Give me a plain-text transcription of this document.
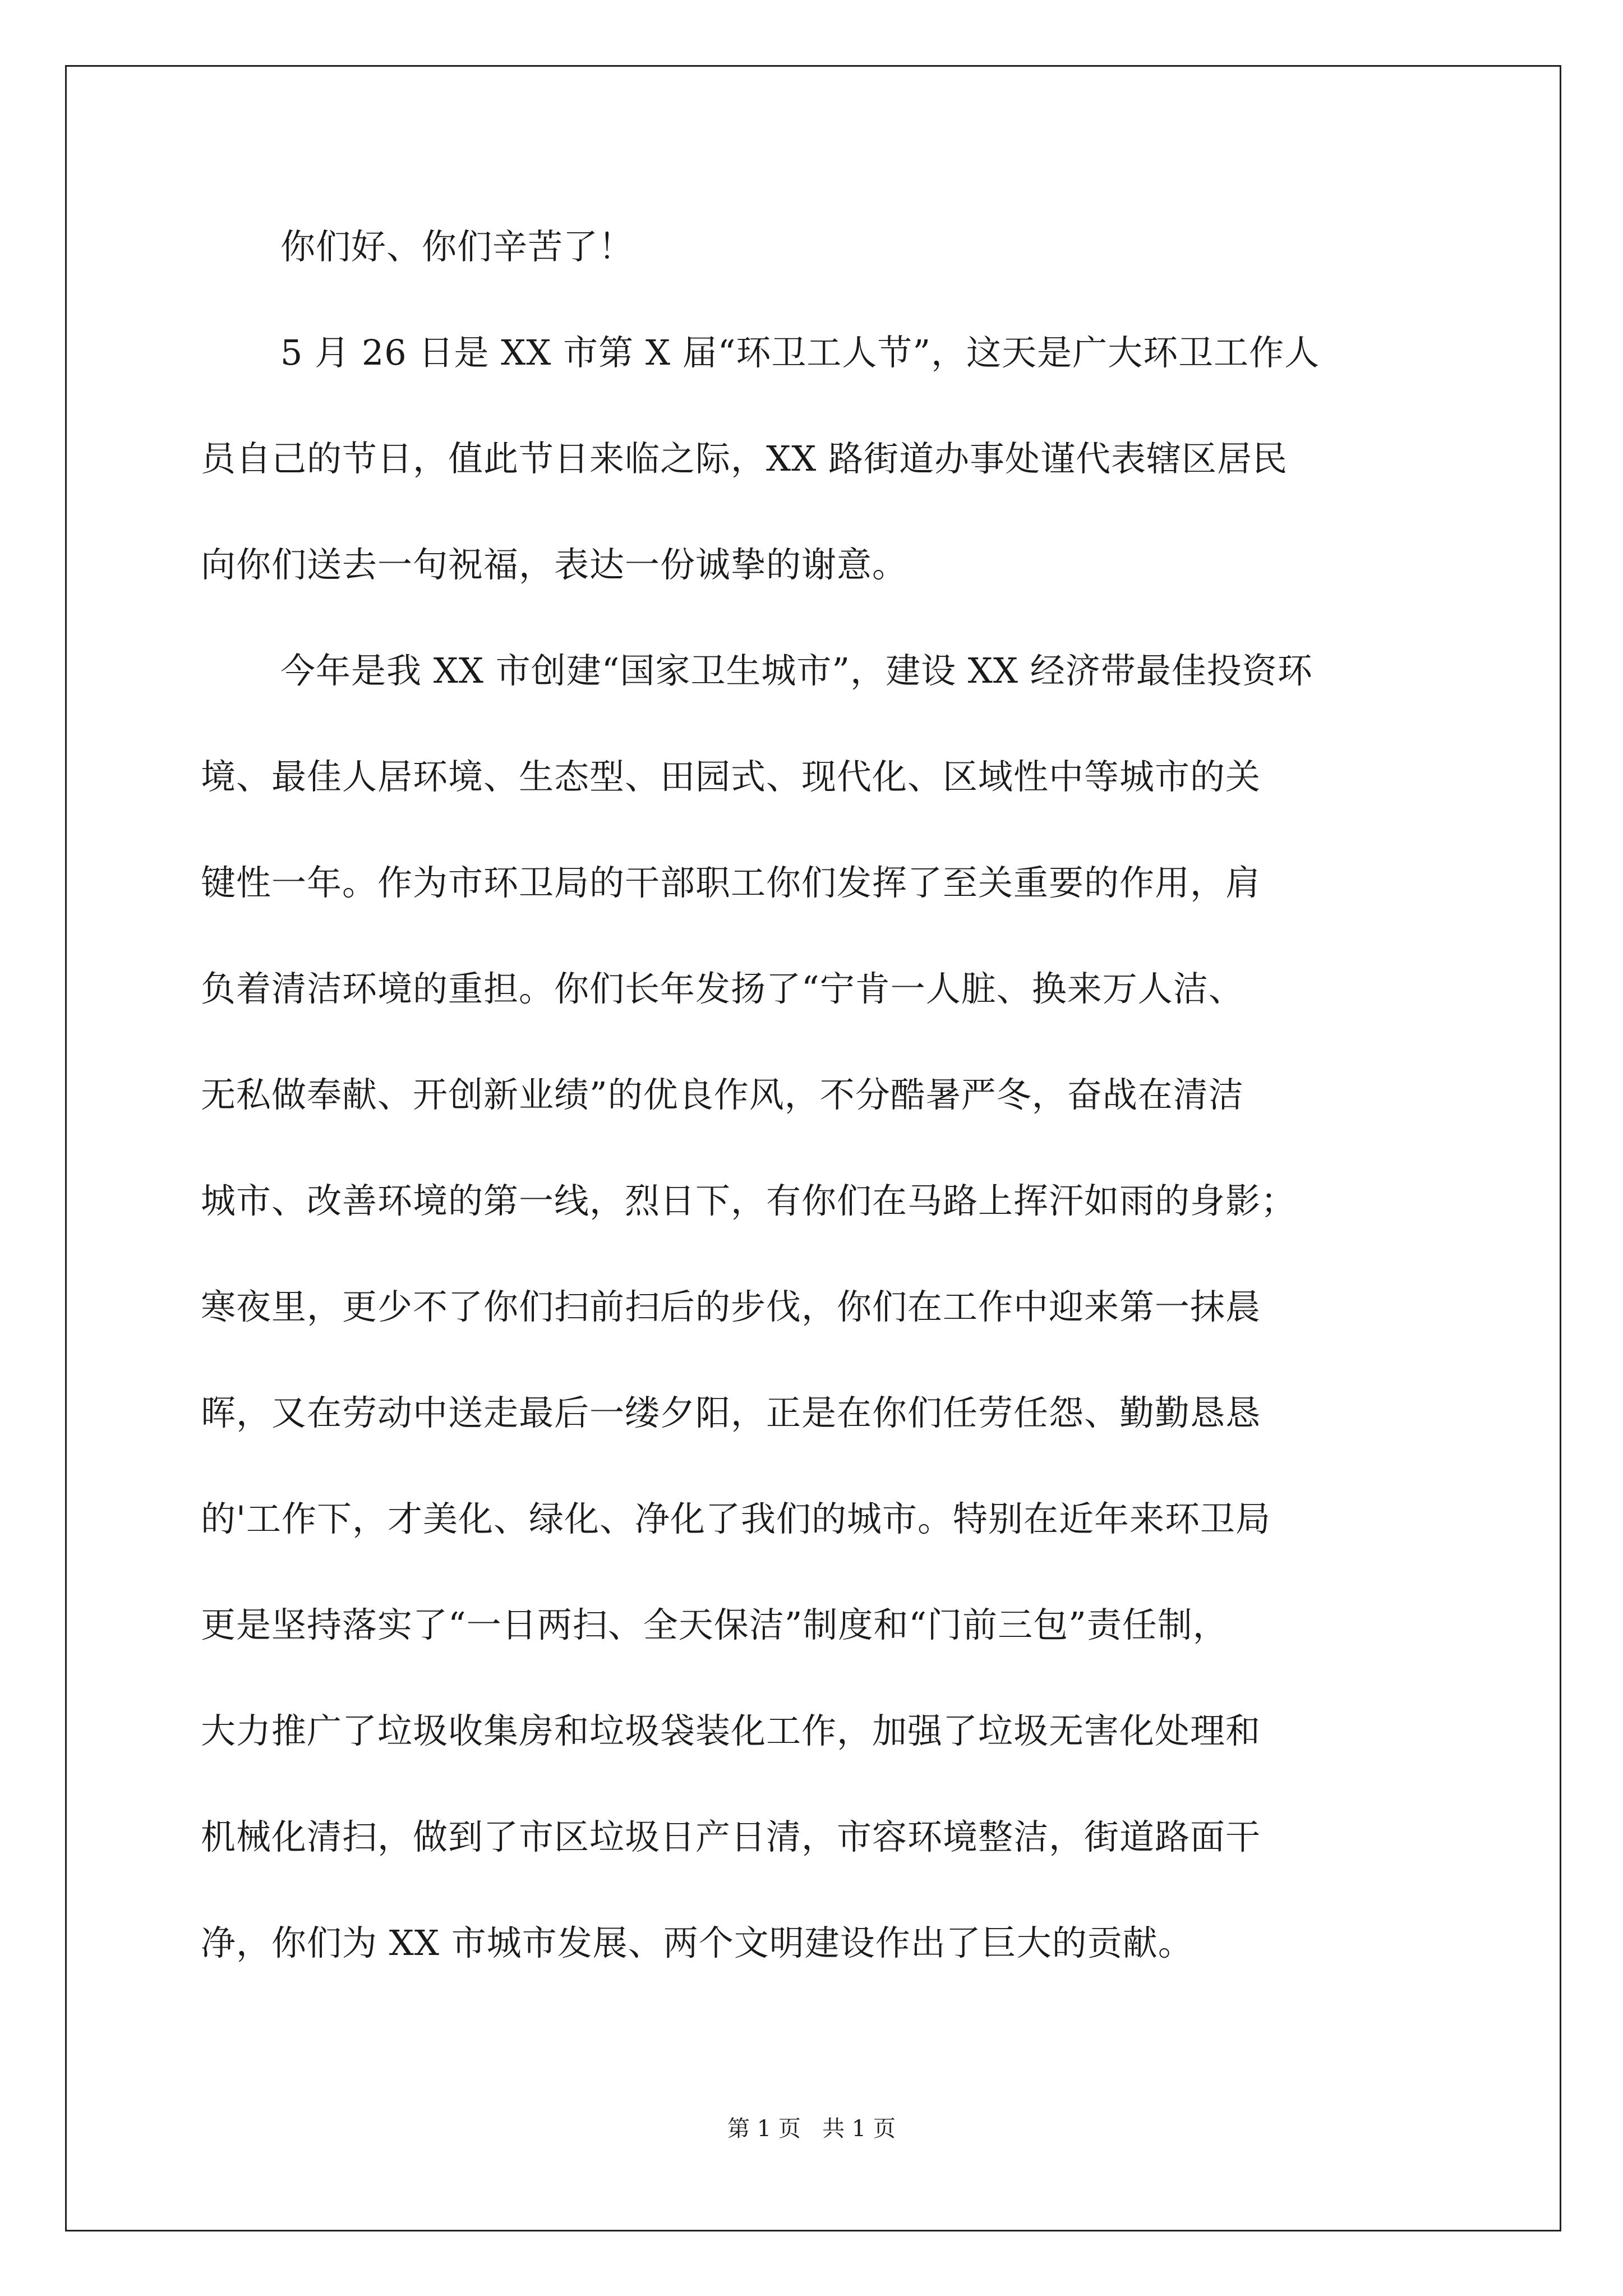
你们好、你们辛苦了！
5 月 26 日是 XX 市第 X 届“环卫工人节”，这天是广大环卫工作人
员自己的节日，值此节日来临之际，XX 路街道办事处谨代表辖区居民
向你们送去一句祝福，表达一份诚挚的谢意。
今年是我 XX 市创建“国家卫生城市”，建设 XX 经济带最佳投资环
境、最佳人居环境、生态型、田园式、现代化、区域性中等城市的关
键性一年。作为市环卫局的干部职工你们发挥了至关重要的作用，肩
负着清洁环境的重担。你们长年发扬了“宁肯一人脏、换来万人洁、
无私做奉献、开创新业绩”的优良作风，不分酷暑严冬，奋战在清洁
城市、改善环境的第一线，烈日下，有你们在马路上挥汗如雨的身影；
寒夜里，更少不了你们扫前扫后的步伐，你们在工作中迎来第一抹晨
晖，又在劳动中送走最后一缕夕阳，正是在你们任劳任怨、勤勤恳恳
的'工作下，才美化、绿化、净化了我们的城市。特别在近年来环卫局
更是坚持落实了“一日两扫、全天保洁”制度和“门前三包”责任制，
大力推广了垃圾收集房和垃圾袋装化工作，加强了垃圾无害化处理和
机械化清扫，做到了市区垃圾日产日清，市容环境整洁，街道路面干
净，你们为 XX 市城市发展、两个文明建设作出了巨大的贡献。
第 1 页   共 1 页
